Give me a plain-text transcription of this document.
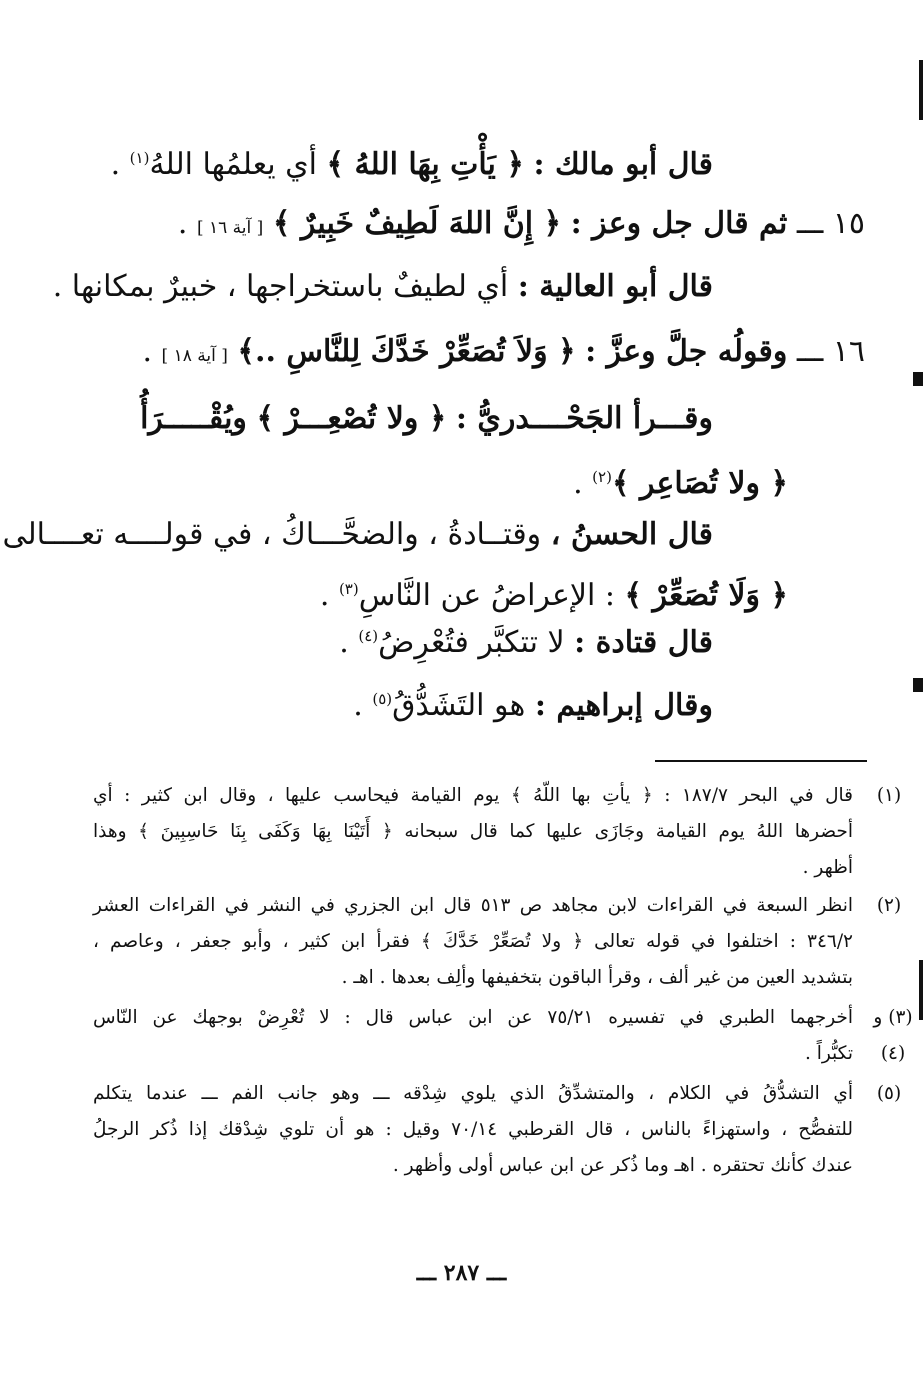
قال أبو مالك : ﴿ يَأْتِ بِهَا اللهُ ﴾ أي يعلمُها اللهُ$^{(١)}$ .
١٥ ـــ ثم قال جل وعز : ﴿ إِنَّ اللهَ لَطِيفٌ خَبِيرٌ ﴾ [ آية ١٦ ] .
قال أبو العالية : أي لطيفٌ باستخراجها ، خبيرٌ بمكانها .
١٦ ـــ وقولُه جلَّ وعزَّ : ﴿ وَلاَ تُصَعِّرْ خَدَّكَ لِلنَّاسِ ..﴾ [ آية ١٨ ] .
وقـــرأ الجَحْــــدريُّ : ﴿ ولا تُصْعِـــرْ ﴾ ويُقْـــــرَأُ
﴿ ولا تُصَاعِر ﴾$^{(٢)}$ .
قال الحسنُ ، وقتــادةُ ، والضحَّـــاكُ ، في قولــــه تعــــالى
﴿ وَلَا تُصَعِّرْ ﴾ : الإعراضُ عن النَّاسِ$^{(٣)}$ .
قال قتادة : لا تتكبَّر فتُعْرِضُ$^{(٤)}$ .
وقال إبراهيم : هو التَشَدُّقُ$^{(٥)}$ .
(١)
قال في البحر ١٨٧/٧ : ﴿ يأتِ بها اللّهُ ﴾ يوم القيامة فيحاسب عليها ، وقال ابن كثير : أي
أحضرها اللهُ يوم القيامة وجَازَى عليها كما قال سبحانه ﴿ أَتَيْنَا بِهَا وَكَفَى بِنَا حَاسِبِينَ ﴾ وهذا
أظهر .
(٢)
انظر السبعة في القراءات لابن مجاهد ص ٥١٣ قال ابن الجزري في النشر في القراءات العشر
٣٤٦/٢ : اختلفوا في قوله تعالى ﴿ ولا تُصَعِّرْ خَدَّكَ ﴾ فقرأ ابن كثير ، وأبو جعفر ، وعاصم ،
بتشديد العين من غير ألف ، وقرأ الباقون بتخفيفها وألِف بعدها . اهـ .
(٣) و (٤)
أخرجهما الطبري في تفسيره ٧٥/٢١ عن ابن عباس قال : لا تُعْرِضْ بوجهك عن النّاس
تكبُّراً .
(٥)
أي التشدُّقُ في الكلام ، والمتشدِّقُ الذي يلوي شِدْقه ـــ وهو جانب الفم ـــ عندما يتكلم
للتفصُّح ، واستهزاءً بالناس ، قال القرطبي ٧٠/١٤ وقيل : هو أن تلوي شِدْقك إذا ذُكر الرجلُ
عندك كأنك تحتقره . اهـ وما ذُكر عن ابن عباس أولى وأظهر .
ـــ ٢٨٧ ـــ
